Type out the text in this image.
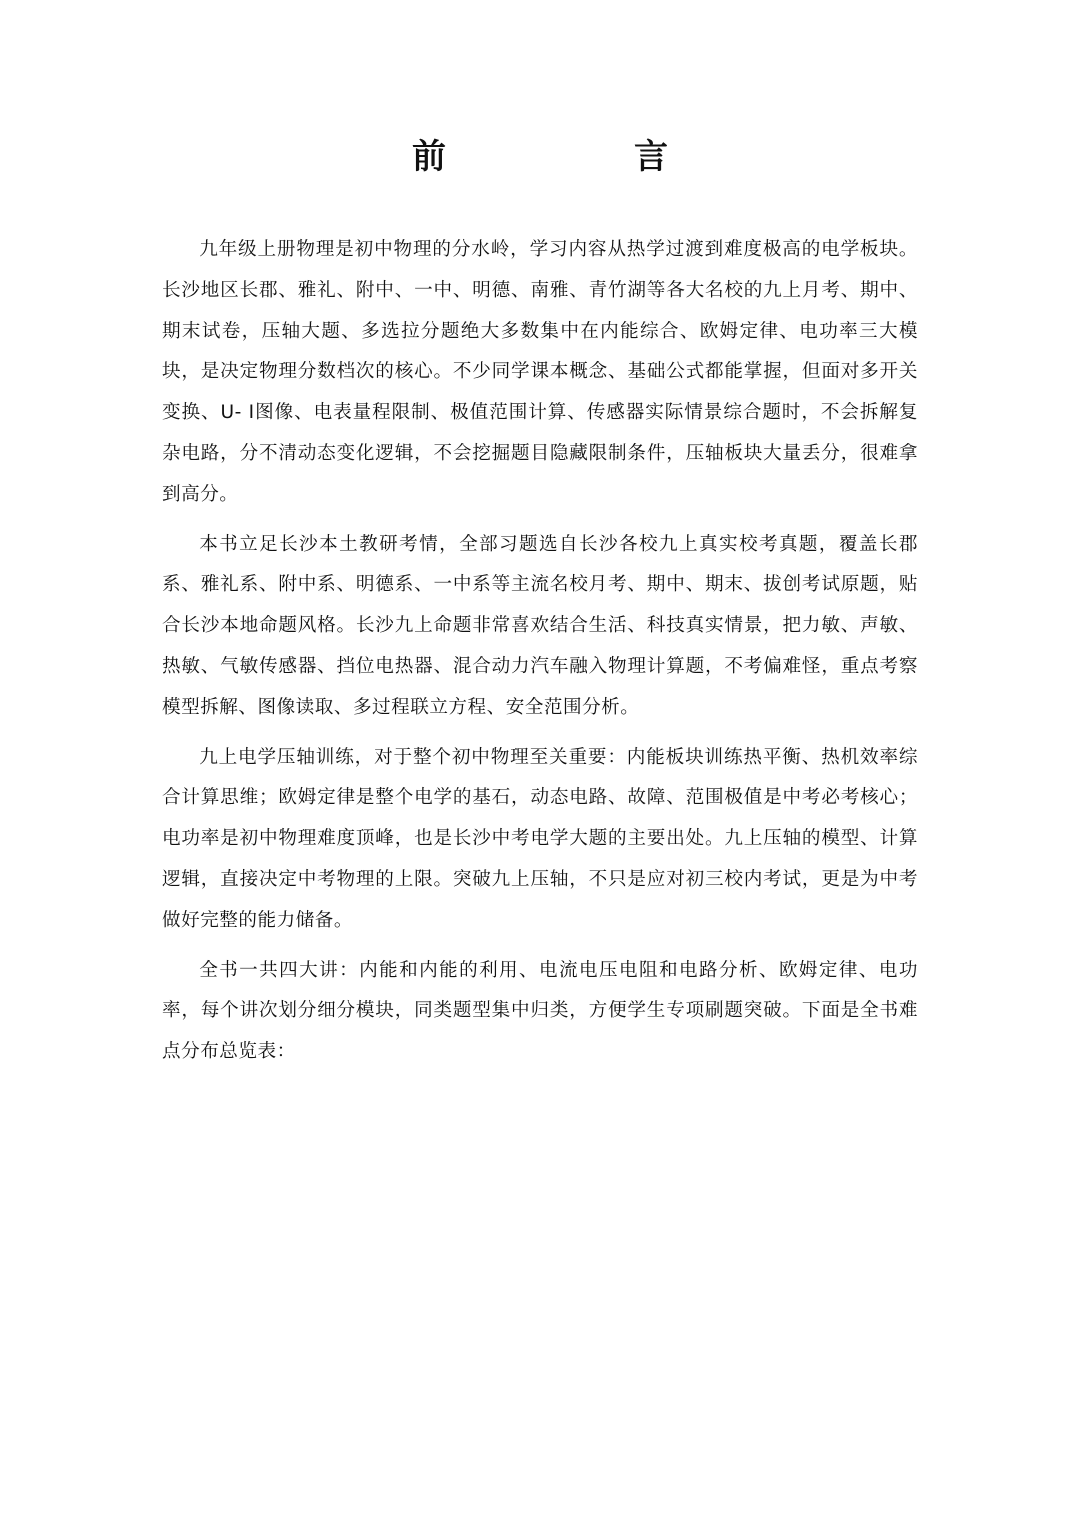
前　　言

九年级上册物理是初中物理的分水岭，学习内容从热学过渡到难度极高的电学板块。长沙地区长郡、雅礼、附中、一中、明德、南雅、青竹湖等各大名校的九上月考、期中、期末试卷，压轴大题、多选拉分题绝大多数集中在内能综合、欧姆定律、电功率三大模块，是决定物理分数档次的核心。不少同学课本概念、基础公式都能掌握，但面对多开关变换、U- I图像、电表量程限制、极值范围计算、传感器实际情景综合题时，不会拆解复杂电路，分不清动态变化逻辑，不会挖掘题目隐藏限制条件，压轴板块大量丢分，很难拿到高分。

本书立足长沙本土教研考情，全部习题选自长沙各校九上真实校考真题，覆盖长郡系、雅礼系、附中系、明德系、一中系等主流名校月考、期中、期末、拔创考试原题，贴合长沙本地命题风格。长沙九上命题非常喜欢结合生活、科技真实情景，把力敏、声敏、热敏、气敏传感器、挡位电热器、混合动力汽车融入物理计算题，不考偏难怪，重点考察模型拆解、图像读取、多过程联立方程、安全范围分析。

九上电学压轴训练，对于整个初中物理至关重要：内能板块训练热平衡、热机效率综合计算思维；欧姆定律是整个电学的基石，动态电路、故障、范围极值是中考必考核心；电功率是初中物理难度顶峰，也是长沙中考电学大题的主要出处。九上压轴的模型、计算逻辑，直接决定中考物理的上限。突破九上压轴，不只是应对初三校内考试，更是为中考做好完整的能力储备。

全书一共四大讲：内能和内能的利用、电流电压电阻和电路分析、欧姆定律、电功率，每个讲次划分细分模块，同类题型集中归类，方便学生专项刷题突破。下面是全书难点分布总览表：
